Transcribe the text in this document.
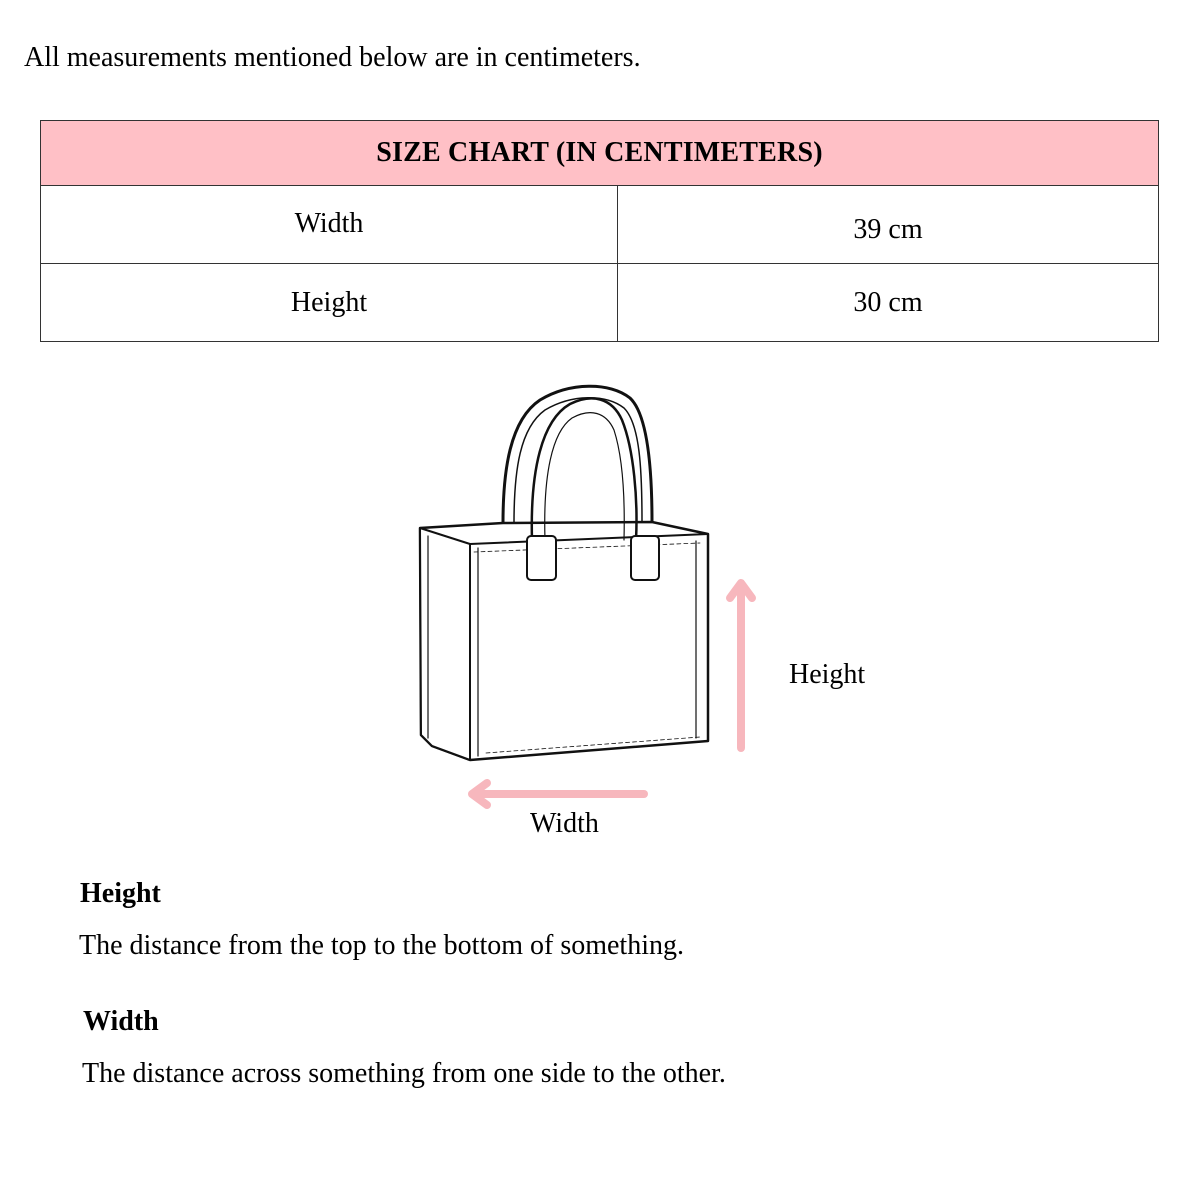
All measurements mentioned below are in centimeters.

SIZE CHART (IN CENTIMETERS)	
Width	39 cm
Height	30 cm
Height
Width

Height

The distance from the top to the bottom of something.

Width

The distance across something from one side to the other.
